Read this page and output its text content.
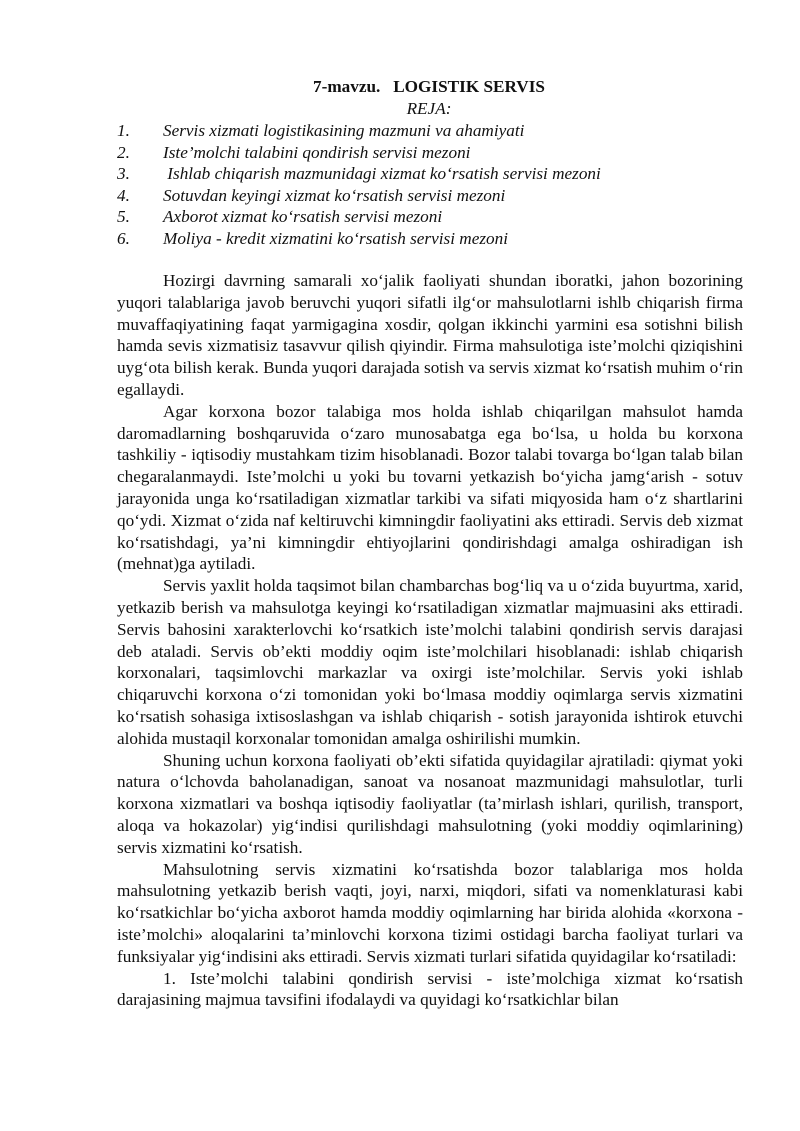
7-mavzu.   LOGISTIK SERVIS
REJA:
1. Servis xizmati logistikasining mazmuni va ahamiyati
2. Iste’molchi talabini qondirish servisi mezoni
3. Ishlab chiqarish mazmunidagi xizmat ko‘rsatish servisi mezoni
4. Sotuvdan keyingi xizmat ko‘rsatish servisi mezoni
5. Axborot xizmat ko‘rsatish servisi mezoni
6. Moliya - kredit xizmatini ko‘rsatish servisi mezoni

Hozirgi davrning samarali xo‘jalik faoliyati shundan iboratki, jahon bozorining yuqori talablariga javob beruvchi yuqori sifatli ilg‘or mahsulotlarni ishlb chiqarish firma muvaffaqiyatining faqat yarmigagina xosdir, qolgan ikkinchi yarmini esa sotishni bilish hamda sevis xizmatisiz tasavvur qilish qiyindir. Firma mahsulotiga iste’molchi qiziqishini uyg‘ota bilish kerak. Bunda yuqori darajada sotish va servis xizmat ko‘rsatish muhim o‘rin egallaydi.

Agar korxona bozor talabiga mos holda ishlab chiqarilgan mahsulot hamda daromadlarning boshqaruvida o‘zaro munosabatga ega bo‘lsa, u holda bu korxona tashkiliy - iqtisodiy mustahkam tizim hisoblanadi. Bozor talabi tovarga bo‘lgan talab bilan chegaralanmaydi. Iste’molchi u yoki bu tovarni yetkazish bo‘yicha jamg‘arish - sotuv jarayonida unga ko‘rsatiladigan xizmatlar tarkibi va sifati miqyosida ham o‘z shartlarini qo‘ydi. Xizmat o‘zida naf keltiruvchi kimningdir faoliyatini aks ettiradi. Servis deb xizmat ko‘rsatishdagi, ya’ni kimningdir ehtiyojlarini qondirishdagi amalga oshiradigan ish (mehnat)ga aytiladi.

Servis yaxlit holda taqsimot bilan chambarchas bog‘liq va u o‘zida buyurtma, xarid, yetkazib berish va mahsulotga keyingi ko‘rsatiladigan xizmatlar majmuasini aks ettiradi. Servis bahosini xarakterlovchi ko‘rsatkich iste’molchi talabini qondirish servis darajasi deb ataladi. Servis ob’ekti moddiy oqim iste’molchilari hisoblanadi: ishlab chiqarish korxonalari, taqsimlovchi markazlar va oxirgi iste’molchilar. Servis yoki ishlab chiqaruvchi korxona o‘zi tomonidan yoki bo‘lmasa moddiy oqimlarga servis xizmatini ko‘rsatish sohasiga ixtisoslashgan va ishlab chiqarish - sotish jarayonida ishtirok etuvchi alohida mustaqil korxonalar tomonidan amalga oshirilishi mumkin.

Shuning uchun korxona faoliyati ob’ekti sifatida quyidagilar ajratiladi: qiymat yoki natura o‘lchovda baholanadigan, sanoat va nosanoat mazmunidagi mahsulotlar, turli korxona xizmatlari va boshqa iqtisodiy faoliyatlar (ta’mirlash ishlari, qurilish, transport, aloqa va hokazolar) yig‘indisi qurilishdagi mahsulotning (yoki moddiy oqimlarining) servis xizmatini ko‘rsatish.

Mahsulotning servis xizmatini ko‘rsatishda bozor talablariga mos holda mahsulotning yetkazib berish vaqti, joyi, narxi, miqdori, sifati va nomenklaturasi kabi ko‘rsatkichlar bo‘yicha axborot hamda moddiy oqimlarning har birida alohida «korxona - iste’molchi» aloqalarini ta’minlovchi korxona tizimi ostidagi barcha faoliyat turlari va funksiyalar yig‘indisini aks ettiradi. Servis xizmati turlari sifatida quyidagilar ko‘rsatiladi:

1. Iste’molchi talabini qondirish servisi - iste’molchiga xizmat ko‘rsatish darajasining majmua tavsifini ifodalaydi va quyidagi ko‘rsatkichlar bilan
